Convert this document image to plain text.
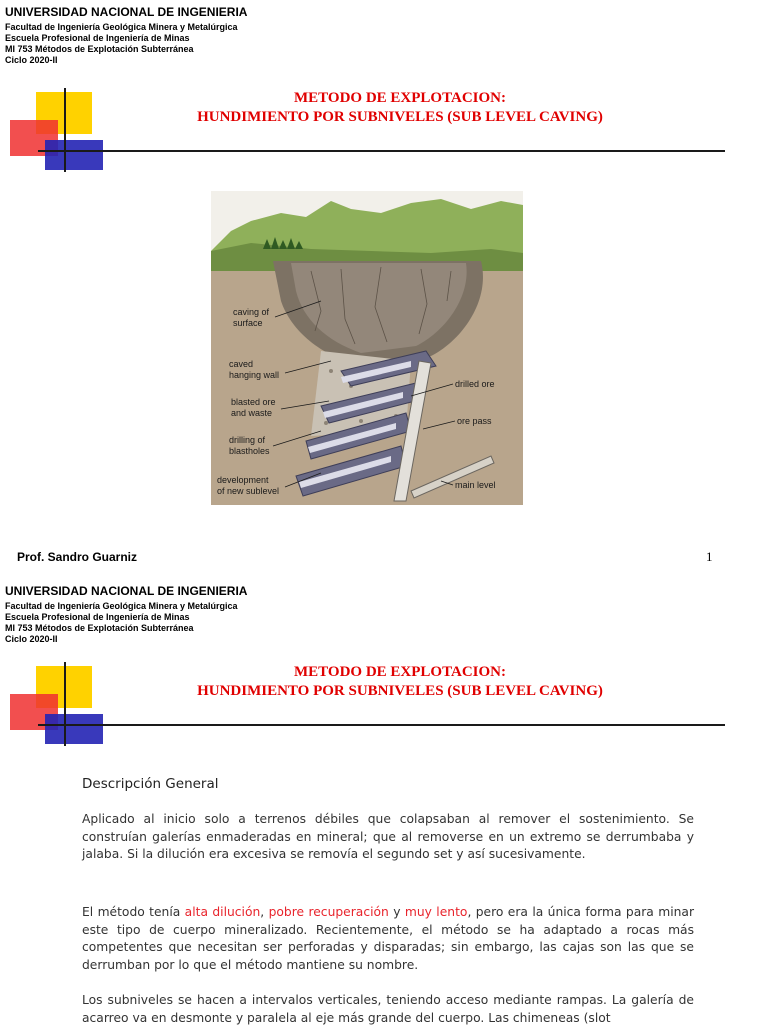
UNIVERSIDAD NACIONAL DE INGENIERIA
Facultad de Ingeniería Geológica Minera y Metalúrgica
Escuela Profesional de Ingeniería de Minas
MI 753 Métodos de Explotación Subterránea
Ciclo 2020-II
METODO DE EXPLOTACION:
HUNDIMIENTO POR SUBNIVELES (SUB LEVEL CAVING)
caving of
surface
caved
hanging wall
blasted ore
and waste
drilling of
blastholes
development
of new sublevel
drilled ore
ore pass
main level
Prof. Sandro Guarniz	1
UNIVERSIDAD NACIONAL DE INGENIERIA
Facultad de Ingeniería Geológica Minera y Metalúrgica
Escuela Profesional de Ingeniería de Minas
MI 753 Métodos de Explotación Subterránea
Ciclo 2020-II
METODO DE EXPLOTACION:
HUNDIMIENTO POR SUBNIVELES (SUB LEVEL CAVING)
Descripción General

Aplicado al inicio solo a terrenos débiles que colapsaban al remover el sostenimiento. Se construían galerías enmaderadas en mineral; que al removerse en un extremo se derrumbaba y jalaba. Si la dilución era excesiva se removía el segundo set y así sucesivamente.

El método tenía alta dilución, pobre recuperación y muy lento, pero era la única forma para minar este tipo de cuerpo mineralizado. Recientemente, el método se ha adaptado a rocas más competentes que necesitan ser perforadas y disparadas; sin embargo, las cajas son las que se derrumban por lo que el método mantiene su nombre.

Los subniveles se hacen a intervalos verticales, teniendo acceso mediante rampas. La galería de acarreo va en desmonte y paralela al eje más grande del cuerpo. Las chimeneas (slot
